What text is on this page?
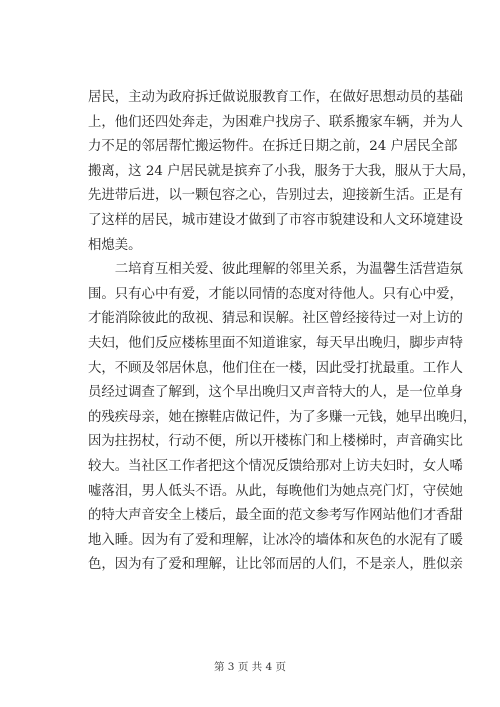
居民，主动为政府拆迁做说服教育工作，在做好思想动员的基础
上，他们还四处奔走，为困难户找房子、联系搬家车辆，并为人
力不足的邻居帮忙搬运物件。在拆迁日期之前，24 户居民全部
搬离，这 24 户居民就是摈弃了小我，服务于大我，服从于大局，
先进带后进，以一颗包容之心，告别过去，迎接新生活。正是有
了这样的居民，城市建设才做到了市容市貌建设和人文环境建设
相熄美。
　　二培育互相关爱、彼此理解的邻里关系，为温馨生活营造氛
围。只有心中有爱，才能以同情的态度对待他人。只有心中爱，
才能消除彼此的敌视、猜忌和误解。社区曾经接待过一对上访的
夫妇，他们反应楼栋里面不知道谁家，每天早出晚归，脚步声特
大，不顾及邻居休息，他们住在一楼，因此受打扰最重。工作人
员经过调查了解到，这个早出晚归又声音特大的人，是一位单身
的残疾母亲，她在擦鞋店做记件，为了多赚一元钱，她早出晚归，
因为拄拐杖，行动不便，所以开楼栋门和上楼梯时，声音确实比
较大。当社区工作者把这个情况反馈给那对上访夫妇时，女人唏
嘘落泪，男人低头不语。从此，每晚他们为她点亮门灯，守侯她
的特大声音安全上楼后，最全面的范文参考写作网站他们才香甜
地入睡。因为有了爱和理解，让冰冷的墙体和灰色的水泥有了暖
色，因为有了爱和理解，让比邻而居的人们，不是亲人，胜似亲
第 3 页 共 4 页
